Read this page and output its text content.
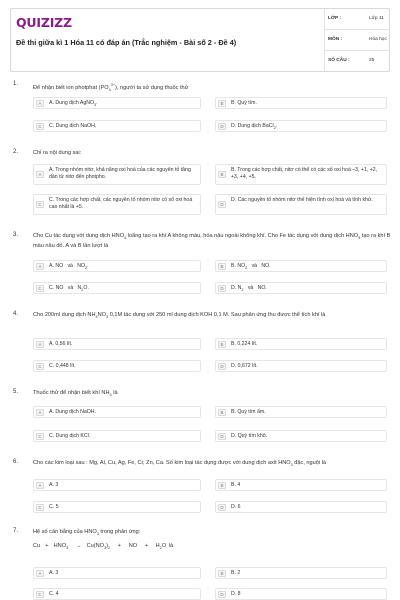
QUIZIZZ
Đề thi giữa kì 1 Hóa 11 có đáp án (Trắc nghiệm - Bài số 2 - Đề 4)
LỚP :	Lớp 11
MÔN :	Hóa học
SỐ CÂU :	25
1.
Để nhận biết ion photphat $(PO_4^{3-})$, người ta sử dụng thuốc thử
A	A. Dung dịch AgNO$_3$.	B	B. Quỳ tím.
C	C. Dung dịch NaOH.	D	D. Dung dịch BaCl$_2$.
2.	Chỉ ra nội dung sai:
A
A. Trong nhóm nitơ, khả năng oxi hoá của các nguyên tố tăng dần từ nitơ đến photpho.	B
B. Trong các hợp chất, nitơ có thể có các số oxi hoá –3, +1, +2, +3, +4, +5.
C
C. Trong các hợp chất, các nguyên tố nhóm nitơ có số oxi hoá cao nhất là +5.	D
D. Các nguyên tố nhóm nitơ thể hiện tính oxi hoá và tính khử.
3.	Cho Cu tác dụng với dung dịch $HNO_3$ loãng tạo ra khí A không màu, hóa nâu ngoài không khí. Cho Fe tác dụng với dung dịch $HNO_3$ tạo ra khí B màu nâu đỏ. A và B lần lượt là
A	A. NO   và   $NO_2$.	B	B. $NO_2$   và   NO.
C	C. NO   và   $N_2O$.	D	D. $N_2$   và   NO.
4.	Cho 200ml dung dịch $NH_4NO_3$ 0,1M tác dụng với 250 ml dung dịch KOH 0,1 M. Sau phản ứng thu được thể tích khí là
A	A. 0,56 lít.	B	B. 0,224 lít.
C	C. 0,448 lít.	D	D. 0,672 lít.
5.	Thuốc thử để nhận biết khí $NH_3$ là
A	A. Dung dịch NaOH.	B	B. Quỳ tím ẩm.
C	C. Dung dịch KCl.	D	D. Quỳ tím khô.
6.	Cho các kim loại sau : Mg, Al, Cu, Ag, Fe, Cr, Zn, Ca. Số kim loại tác dụng được với dung dịch axit $HNO_3$ đặc, nguội là
A	A. 3	B	B. 4
C	C. 5	D	D. 6
7.	Hệ số cân bằng của $HNO_3$ trong phản ứng:
$Cu + HNO_3 \to Cu(NO_3)_2$   +   NO   +   $H_2O$ là
A	A. 3	B	B. 2
C	C. 4	D	D. 8
